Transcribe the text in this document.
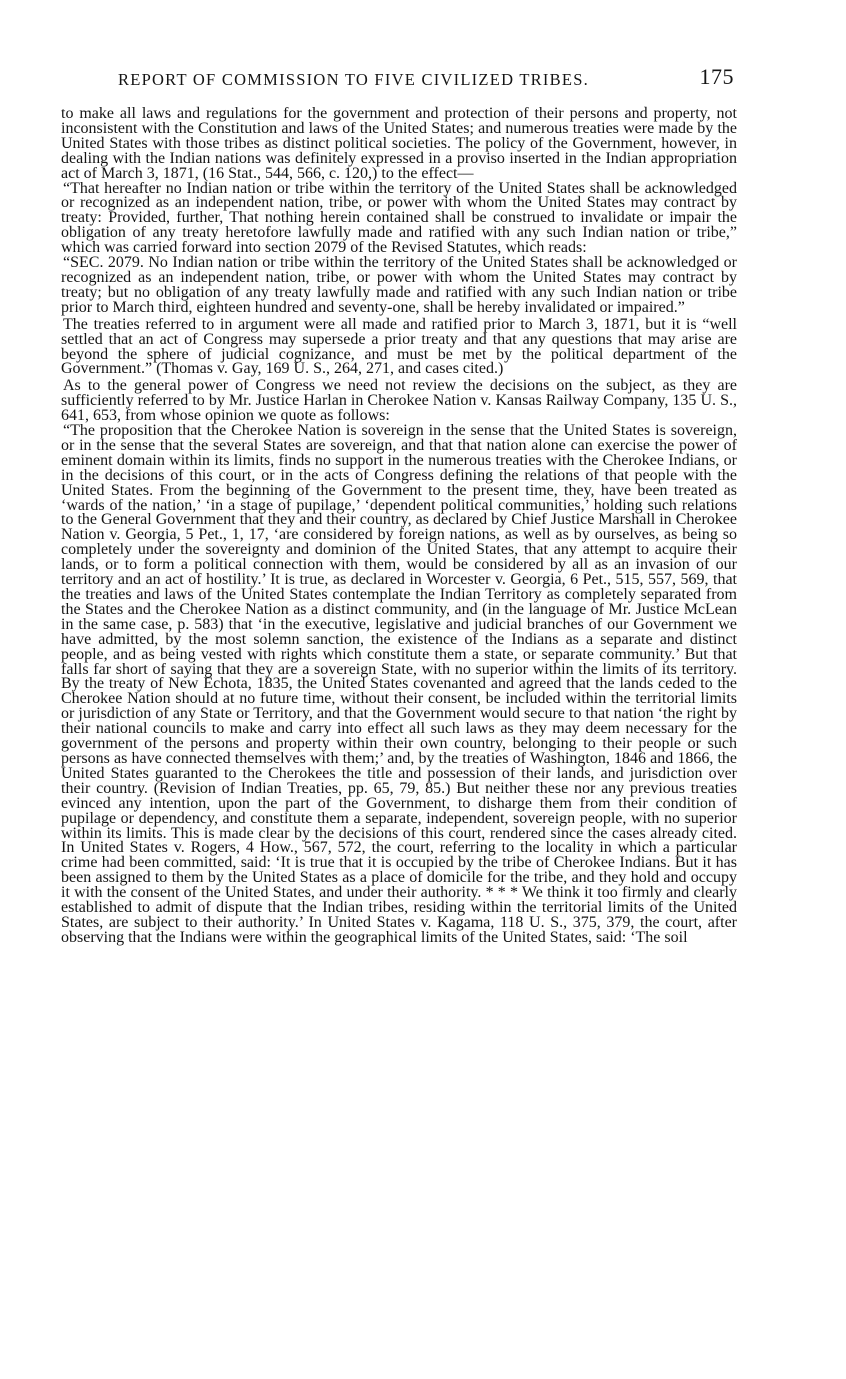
REPORT OF COMMISSION TO FIVE CIVILIZED TRIBES.	175

to make all laws and regulations for the government and protection of their persons and property, not inconsistent with the Constitution and laws of the United States; and numerous treaties were made by the United States with those tribes as distinct political societies. The policy of the Government, however, in dealing with the Indian nations was definitely expressed in a proviso inserted in the Indian appropriation act of March 3, 1871, (16 Stat., 544, 566, c. 120,) to the effect—

“That hereafter no Indian nation or tribe within the territory of the United States shall be acknowledged or recognized as an independent nation, tribe, or power with whom the United States may contract by treaty: Provided, further, That nothing herein contained shall be construed to invalidate or impair the obligation of any treaty heretofore lawfully made and ratified with any such Indian nation or tribe,” which was carried forward into section 2079 of the Revised Statutes, which reads:

“SEC. 2079. No Indian nation or tribe within the territory of the United States shall be acknowledged or recognized as an independent nation, tribe, or power with whom the United States may contract by treaty; but no obligation of any treaty lawfully made and ratified with any such Indian nation or tribe prior to March third, eighteen hundred and seventy-one, shall be hereby invalidated or impaired.”

The treaties referred to in argument were all made and ratified prior to March 3, 1871, but it is “well settled that an act of Congress may supersede a prior treaty and that any questions that may arise are beyond the sphere of judicial cognizance, and must be met by the political department of the Government.” (Thomas v. Gay, 169 U. S., 264, 271, and cases cited.)

As to the general power of Congress we need not review the decisions on the subject, as they are sufficiently referred to by Mr. Justice Harlan in Cherokee Nation v. Kansas Railway Company, 135 U. S., 641, 653, from whose opinion we quote as follows:

“The proposition that the Cherokee Nation is sovereign in the sense that the United States is sovereign, or in the sense that the several States are sovereign, and that that nation alone can exercise the power of eminent domain within its limits, finds no support in the numerous treaties with the Cherokee Indians, or in the decisions of this court, or in the acts of Congress defining the relations of that people with the United States. From the beginning of the Government to the present time, they, have been treated as ‘wards of the nation,’ ‘in a stage of pupilage,’ ‘dependent political communities,’ holding such relations to the General Government that they and their country, as declared by Chief Justice Marshall in Cherokee Nation v. Georgia, 5 Pet., 1, 17, ‘are considered by foreign nations, as well as by ourselves, as being so completely under the sovereignty and dominion of the United States, that any attempt to acquire their lands, or to form a political connection with them, would be considered by all as an invasion of our territory and an act of hostility.’ It is true, as declared in Worcester v. Georgia, 6 Pet., 515, 557, 569, that the treaties and laws of the United States contemplate the Indian Territory as completely separated from the States and the Cherokee Nation as a distinct community, and (in the language of Mr. Justice McLean in the same case, p. 583) that ‘in the executive, legislative and judicial branches of our Government we have admitted, by the most solemn sanction, the existence of the Indians as a separate and distinct people, and as being vested with rights which constitute them a state, or separate community.’ But that falls far short of saying that they are a sovereign State, with no superior within the limits of its territory. By the treaty of New Echota, 1835, the United States covenanted and agreed that the lands ceded to the Cherokee Nation should at no future time, without their consent, be included within the territorial limits or jurisdiction of any State or Territory, and that the Government would secure to that nation ‘the right by their national councils to make and carry into effect all such laws as they may deem necessary for the government of the persons and property within their own country, belonging to their people or such persons as have connected themselves with them;’ and, by the treaties of Washington, 1846 and 1866, the United States guaranted to the Cherokees the title and possession of their lands, and jurisdiction over their country. (Revision of Indian Treaties, pp. 65, 79, 85.) But neither these nor any previous treaties evinced any intention, upon the part of the Government, to disharge them from their condition of pupilage or dependency, and constitute them a separate, independent, sovereign people, with no superior within its limits. This is made clear by the decisions of this court, rendered since the cases already cited. In United States v. Rogers, 4 How., 567, 572, the court, referring to the locality in which a particular crime had been committed, said: ‘It is true that it is occupied by the tribe of Cherokee Indians. But it has been assigned to them by the United States as a place of domicile for the tribe, and they hold and occupy it with the consent of the United States, and under their authority. * * * We think it too firmly and clearly established to admit of dispute that the Indian tribes, residing within the territorial limits of the United States, are subject to their authority.’ In United States v. Kagama, 118 U. S., 375, 379, the court, after observing that the Indians were within the geographical limits of the United States, said: ‘The soil
